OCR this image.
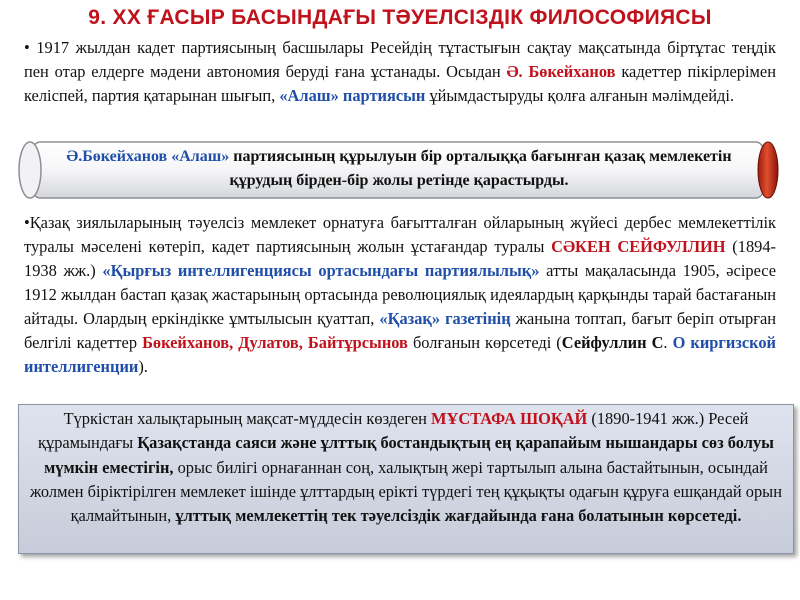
9. ХХ ҒАСЫР БАСЫНДАҒЫ ТӘУЕЛСІЗДІК ФИЛОСОФИЯСЫ
• 1917 жылдан кадет партиясының басшылары Ресейдің тұтастығын сақтау мақсатында біртұтас теңдік пен отар елдерге мәдени автономия беруді ғана ұстанады. Осыдан Ә. Бөкейханов кадеттер пікірлерімен келіспей, партия қатарынан шығып, «Алаш» партиясын ұйымдастыруды қолға алғанын мәлімдейді.
Ә.Бөкейханов «Алаш» партиясының құрылуын бір орталыққа бағынған қазақ мемлекетін құрудың бірден-бір жолы ретінде қарастырды.
•Қазақ зиялыларының тәуелсіз мемлекет орнатуға бағытталған ойларының жүйесі дербес мемлекеттілік туралы мәселені көтеріп, кадет партиясының жолын ұстағандар туралы СӘКЕН СЕЙФУЛЛИН (1894-1938 жж.) «Қырғыз интеллигенциясы ортасындағы партиялылық» атты мақаласында 1905, әсіресе 1912 жылдан бастап қазақ жастарының ортасында революциялық идеялардың қарқынды тарай бастағанын айтады. Олардың еркіндікке ұмтылысын қуаттап, «Қазақ» газетінің жанына топтап, бағыт беріп отырған белгілі кадеттер Бөкейханов, Дулатов, Байтұрсынов болғанын көрсетеді (Сейфуллин С. О киргизской интеллигенции).
Түркістан халықтарының мақсат-мүддесін көздеген МҰСТАФА ШОҚАЙ (1890-1941 жж.) Ресей құрамындағы Қазақстанда саяси және ұлттық бостандықтың ең қарапайым нышандары сөз болуы мүмкін еместігін, орыс билігі орнағаннан соң, халықтың жері тартылып алына бастайтынын, осындай жолмен біріктірілген мемлекет ішінде ұлттардың ерікті түрдегі тең құқықты одағын құруға ешқандай орын қалмайтынын, ұлттық мемлекеттің тек тәуелсіздік жағдайында ғана болатынын көрсетеді.
